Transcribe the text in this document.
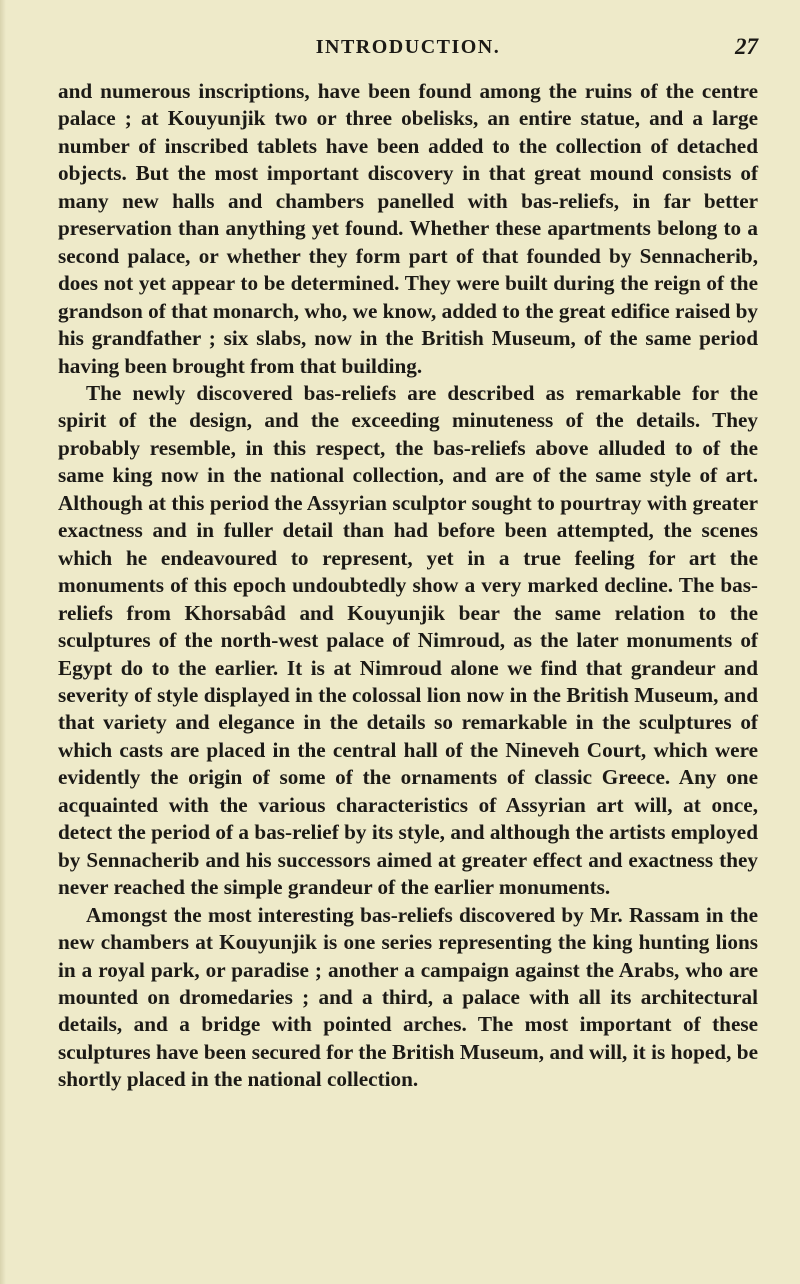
INTRODUCTION.	27

and numerous inscriptions, have been found among the ruins of the centre palace ; at Kouyunjik two or three obelisks, an entire statue, and a large number of inscribed tablets have been added to the collection of detached objects. But the most important discovery in that great mound consists of many new halls and chambers panelled with bas-reliefs, in far better preservation than anything yet found. Whether these apartments belong to a second palace, or whether they form part of that founded by Sennacherib, does not yet appear to be determined. They were built during the reign of the grandson of that monarch, who, we know, added to the great edifice raised by his grandfather ; six slabs, now in the British Museum, of the same period having been brought from that building.

The newly discovered bas-reliefs are described as remarkable for the spirit of the design, and the exceeding minuteness of the details. They probably resemble, in this respect, the bas-reliefs above alluded to of the same king now in the national collection, and are of the same style of art. Although at this period the Assyrian sculptor sought to pourtray with greater exactness and in fuller detail than had before been attempted, the scenes which he endeavoured to represent, yet in a true feeling for art the monuments of this epoch undoubtedly show a very marked decline. The bas-reliefs from Khorsabâd and Kouyunjik bear the same relation to the sculptures of the north-west palace of Nimroud, as the later monuments of Egypt do to the earlier. It is at Nimroud alone we find that grandeur and severity of style displayed in the colossal lion now in the British Museum, and that variety and elegance in the details so remarkable in the sculptures of which casts are placed in the central hall of the Nineveh Court, which were evidently the origin of some of the ornaments of classic Greece. Any one acquainted with the various characteristics of Assyrian art will, at once, detect the period of a bas-relief by its style, and although the artists employed by Sennacherib and his successors aimed at greater effect and exactness they never reached the simple grandeur of the earlier monuments.

Amongst the most interesting bas-reliefs discovered by Mr. Rassam in the new chambers at Kouyunjik is one series representing the king hunting lions in a royal park, or paradise ; another a campaign against the Arabs, who are mounted on dromedaries ; and a third, a palace with all its architectural details, and a bridge with pointed arches. The most important of these sculptures have been secured for the British Museum, and will, it is hoped, be shortly placed in the national collection.
